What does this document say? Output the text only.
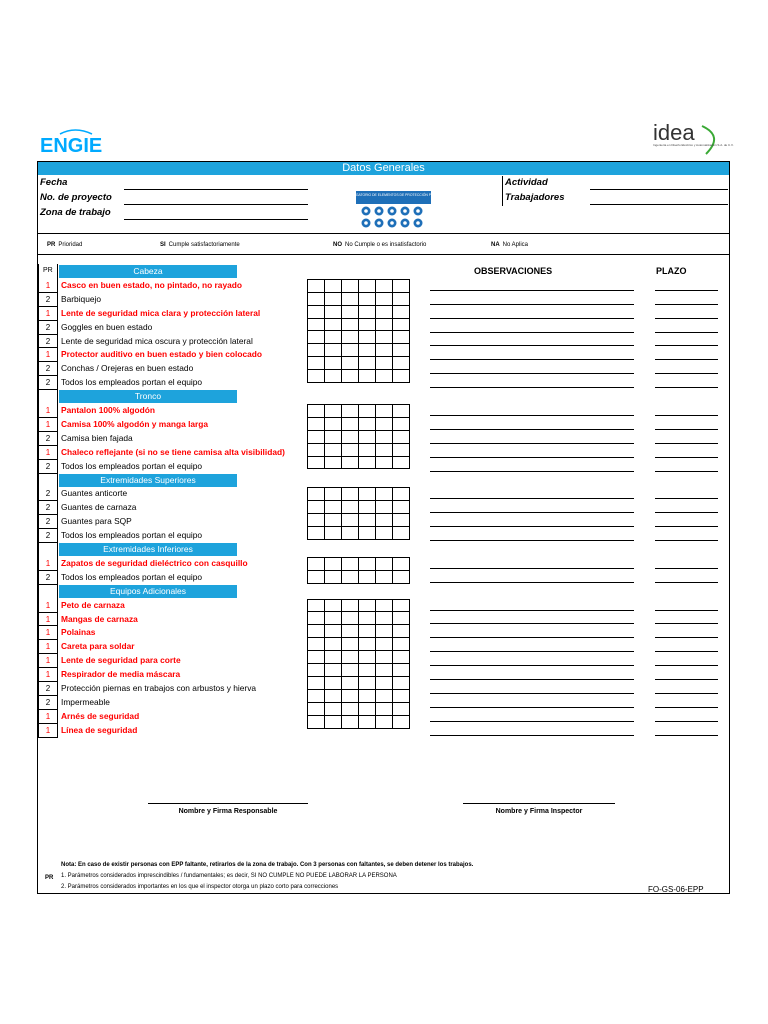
ENGIE
idea
Ingeniería en Diseño Eléctrico y Automatización S.A. de C.V.
Datos Generales
Fecha
No. de proyecto
Zona de trabajo
Actividad
Trabajadores
USO OBLIGATORIO DE ELEMENTOS DE PROTECCIÓN PERSONAL
PR Prioridad	SI Cumple satisfactoriamente	NO No Cumple o es insatisfactorio	NA No Aplica
PR	OBSERVACIONES	PLAZO
Cabeza
1	Casco en buen estado, no pintado, no rayado
2	Barbiquejo
1	Lente de seguridad mica clara y protección lateral
2	Goggles en buen estado
2	Lente de seguridad mica oscura y protección lateral
1	Protector auditivo en buen estado y bien colocado
2	Conchas / Orejeras en buen estado
2	Todos los empleados portan el equipo
Tronco
1	Pantalon 100% algodón
1	Camisa 100% algodón y manga larga
2	Camisa bien fajada
1	Chaleco reflejante (si no se tiene camisa alta visibilidad)
2	Todos los empleados portan el equipo
Extremidades Superiores
2	Guantes anticorte
2	Guantes de carnaza
2	Guantes para SQP
2	Todos los empleados portan el equipo
Extremidades Inferiores
1	Zapatos de seguridad dieléctrico con casquillo
2	Todos los empleados portan el equipo
Equipos Adicionales
1	Peto de carnaza
1	Mangas de carnaza
1	Polainas
1	Careta para soldar
1	Lente de seguridad para corte
1	Respirador de media máscara
2	Protección piernas en trabajos con arbustos y hierva
2	Impermeable
1	Arnés de seguridad
1	Línea de seguridad

Nombre y Firma Responsable	Nombre y Firma Inspector
Nota: En caso de existir personas con EPP faltante, retirarlos de la zona de trabajo. Con 3 personas con faltantes, se deben detener los trabajos.
PR 1. Parámetros considerados imprescindibles / fundamentales; es decir, SI NO CUMPLE NO PUEDE LABORAR LA PERSONA
2. Parámetros considerados importantes en los que el inspector otorga un plazo corto para correcciones	FO-GS-06-EPP
